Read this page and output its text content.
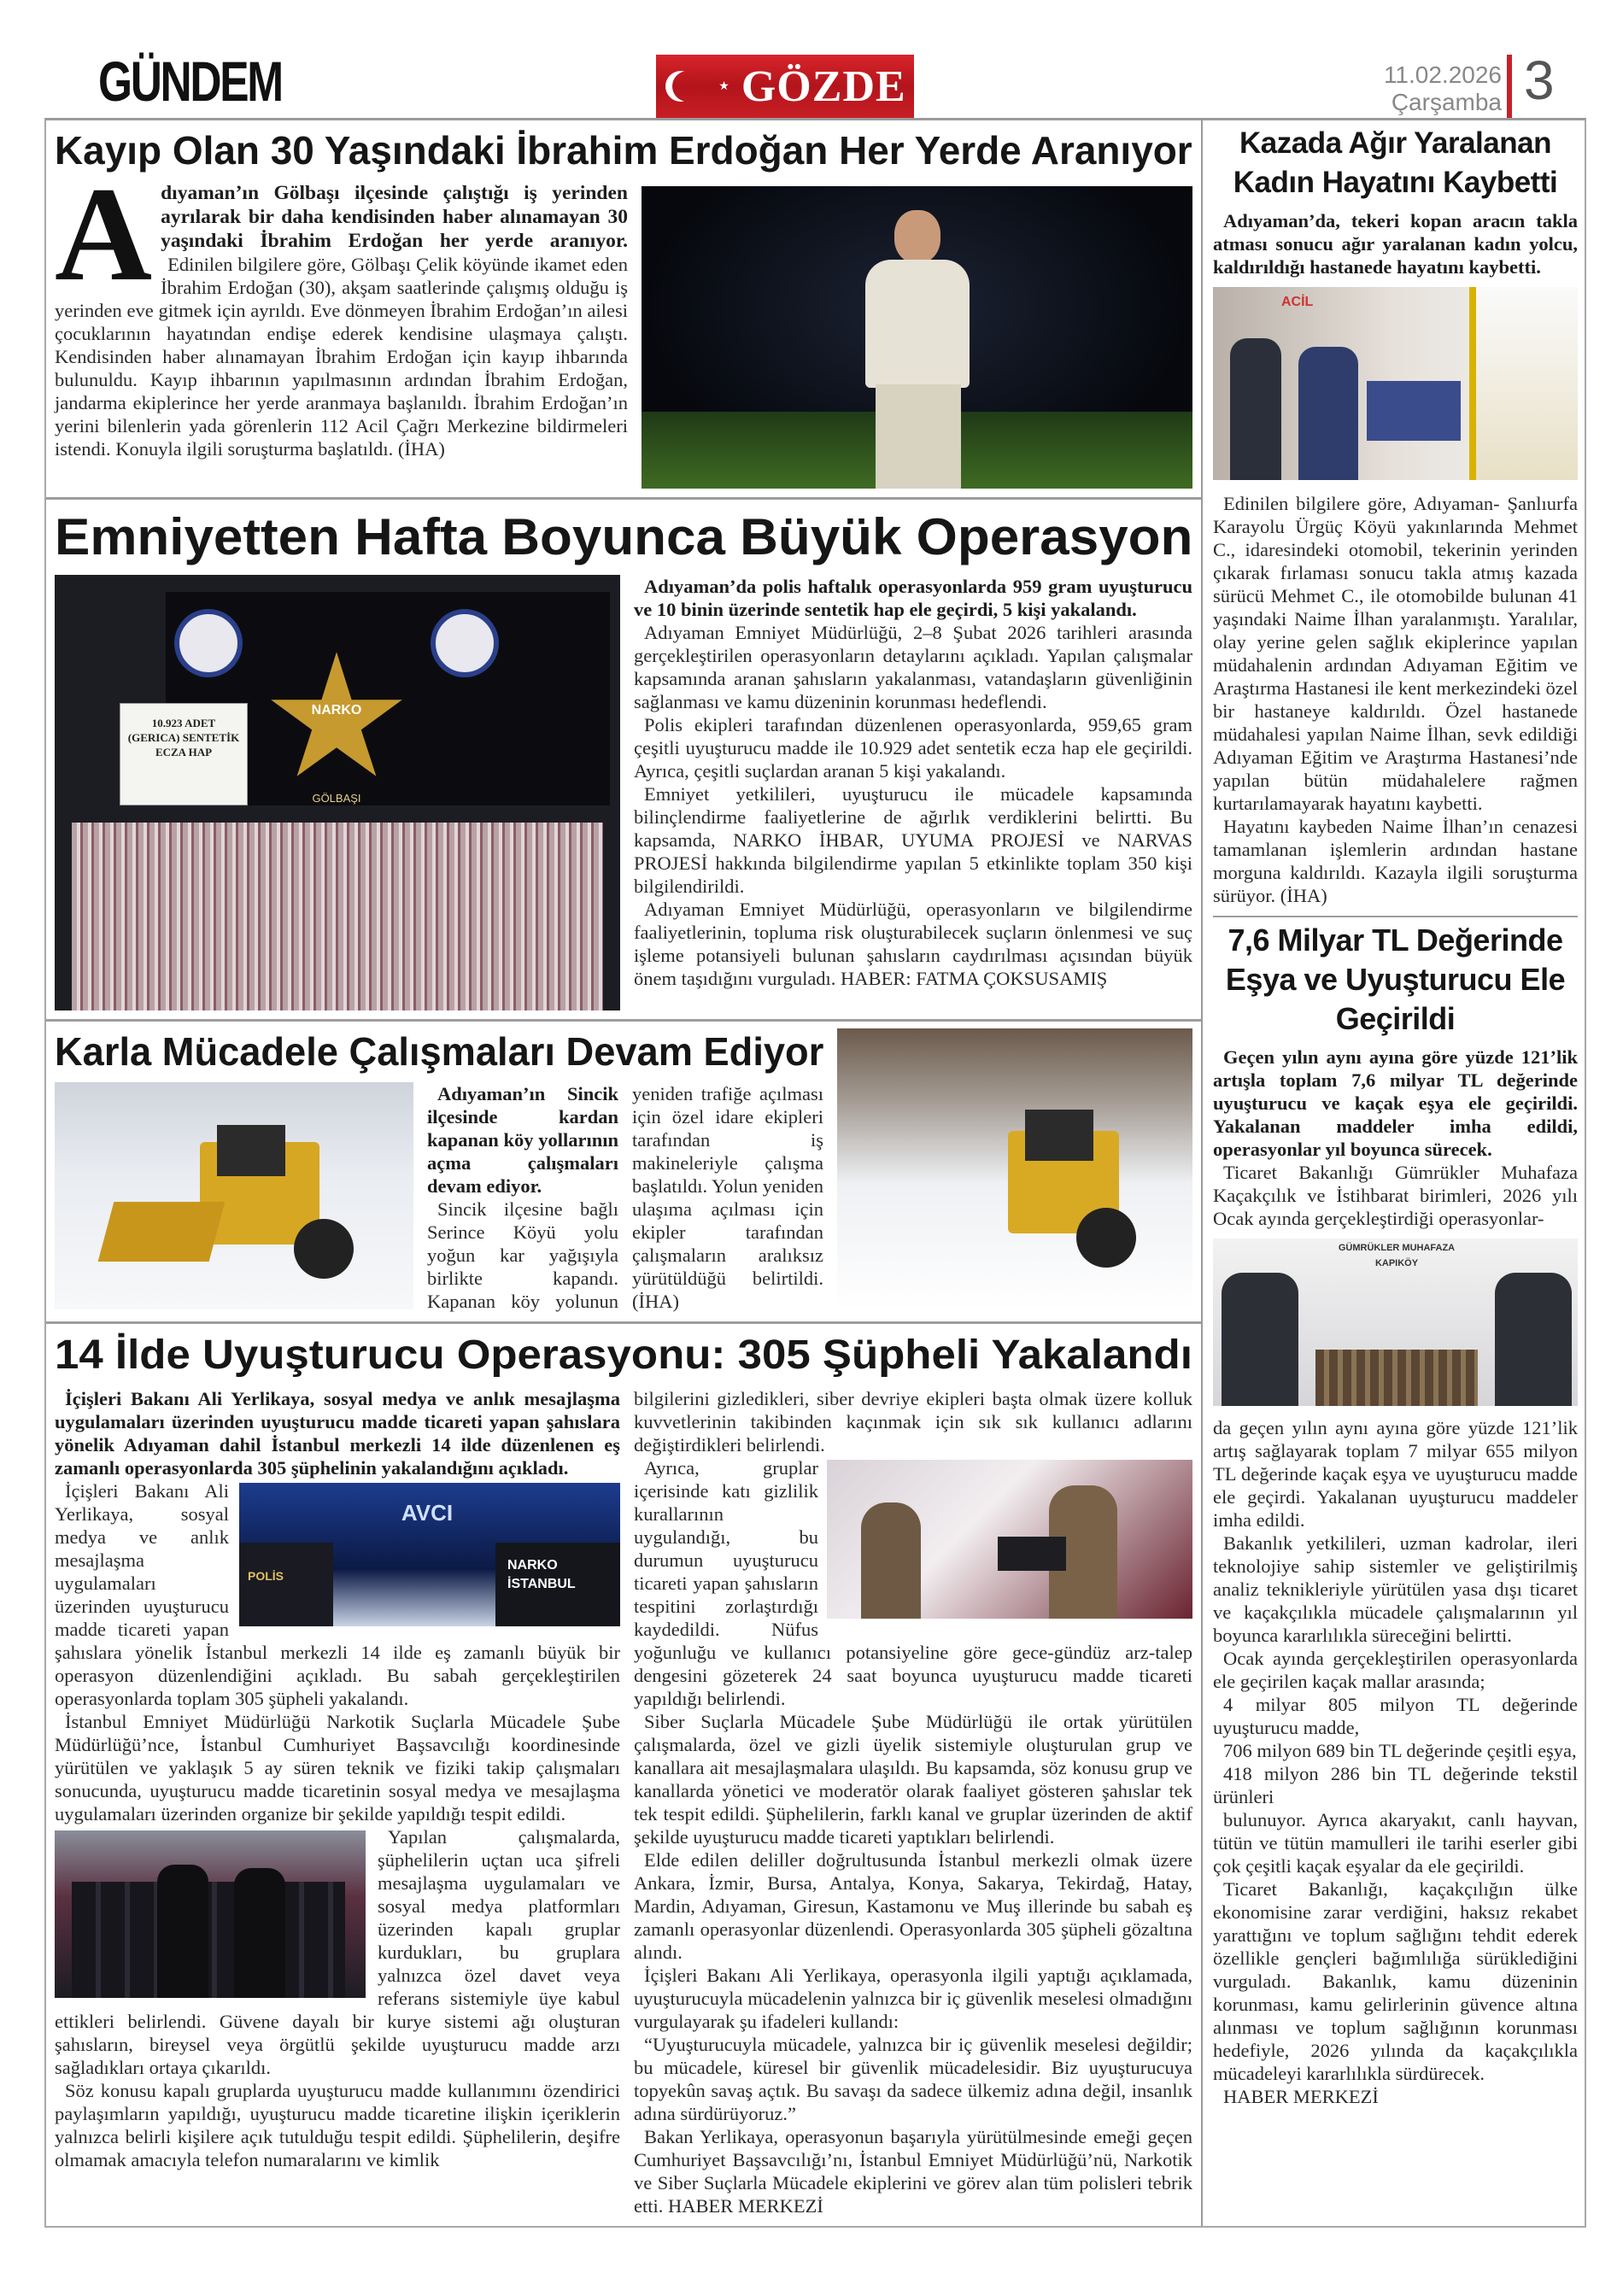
GÜNDEM	★ GÖZDE	11.02.2026
Çarşamba 3
Kayıp Olan 30 Yaşındaki İbrahim Erdoğan Her Yerde Aranıyor
A dıyaman’ın Gölbaşı ilçesinde çalıştığı iş yerinden ayrılarak bir daha kendisinden haber alınamayan 30 yaşındaki İbrahim Erdoğan her yerde aranıyor. Edinilen bilgilere göre, Gölbaşı Çelik köyünde ikamet eden İbrahim Erdoğan (30), akşam saatlerinde çalışmış olduğu iş yerinden eve gitmek için ayrıldı. Eve dönmeyen İbrahim Erdoğan’ın ailesi çocuklarının hayatından endişe ederek kendisine ulaşmaya çalıştı. Kendisinden haber alınamayan İbrahim Erdoğan için kayıp ihbarında bulunuldu. Kayıp ihbarının yapılmasının ardından İbrahim Erdoğan, jandarma ekiplerince her yerde aranmaya başlanıldı. İbrahim Erdoğan’ın yerini bilenlerin yada görenlerin 112 Acil Çağrı Merkezine bildirmeleri istendi. Konuyla ilgili soruşturma başlatıldı. (İHA)
Emniyetten Hafta Boyunca Büyük Operasyon
NARKO
GÖLBAŞI
10.923 ADET (GERICA) SENTETİK ECZA HAP

Adıyaman’da polis haftalık operasyonlarda 959 gram uyuşturucu ve 10 binin üzerinde sentetik hap ele geçirdi, 5 kişi yakalandı.

Adıyaman Emniyet Müdürlüğü, 2–8 Şubat 2026 tarihleri arasında gerçekleştirilen operasyonların detaylarını açıkladı. Yapılan çalışmalar kapsamında aranan şahısların yakalanması, vatandaşların güvenliğinin sağlanması ve kamu düzeninin korunması hedeflendi.

Polis ekipleri tarafından düzenlenen operasyonlarda, 959,65 gram çeşitli uyuşturucu madde ile 10.929 adet sentetik ecza hap ele geçirildi. Ayrıca, çeşitli suçlardan aranan 5 kişi yakalandı.

Emniyet yetkilileri, uyuşturucu ile mücadele kapsamında bilinçlendirme faaliyetlerine de ağırlık verdiklerini belirtti. Bu kapsamda, NARKO İHBAR, UYUMA PROJESİ ve NARVAS PROJESİ hakkında bilgilendirme yapılan 5 etkinlikte toplam 350 kişi bilgilendirildi.

Adıyaman Emniyet Müdürlüğü, operasyonların ve bilgilendirme faaliyetlerinin, topluma risk oluşturabilecek suçların önlenmesi ve suç işleme potansiyeli bulunan şahısların caydırılması açısından büyük önem taşıdığını vurguladı. HABER: FATMA ÇOKSUSAMIŞ

Karla Mücadele Çalışmaları Devam Ediyor

Adıyaman’ın Sincik ilçesinde kardan kapanan köy yollarının açma çalışmaları devam ediyor.

Sincik ilçesine bağlı Serince Köyü yolu yoğun kar yağışıyla birlikte kapandı. Kapanan köy yolunun yeniden trafiğe açılması için özel idare ekipleri tarafından iş makineleriyle çalışma başlatıldı. Yolun yeniden ulaşıma açılması için ekipler tarafından çalışmaların aralıksız yürütüldüğü belirtildi. (İHA)

14 İlde Uyuşturucu Operasyonu: 305 Şüpheli Yakalandı

İçişleri Bakanı Ali Yerlikaya, sosyal medya ve anlık mesajlaşma uygulamaları üzerinden uyuşturucu madde ticareti yapan şahıslara yönelik Adıyaman dahil İstanbul merkezli 14 ilde düzenlenen eş zamanlı operasyonlarda 305 şüphelinin yakalandığını açıkladı.

AVCI
POLİS
NARKO
İSTANBUL

İçişleri Bakanı Ali Yerlikaya, sosyal medya ve anlık mesajlaşma uygulamaları üzerinden uyuşturucu madde ticareti yapan şahıslara yönelik İstanbul merkezli 14 ilde eş zamanlı büyük bir operasyon düzenlendiğini açıkladı. Bu sabah gerçekleştirilen operasyonlarda toplam 305 şüpheli yakalandı.

İstanbul Emniyet Müdürlüğü Narkotik Suçlarla Mücadele Şube Müdürlüğü’nce, İstanbul Cumhuriyet Başsavcılığı koordinesinde yürütülen ve yaklaşık 5 ay süren teknik ve fiziki takip çalışmaları sonucunda, uyuşturucu madde ticaretinin sosyal medya ve mesajlaşma uygulamaları üzerinden organize bir şekilde yapıldığı tespit edildi.

Yapılan çalışmalarda, şüphelilerin uçtan uca şifreli mesajlaşma uygulamaları ve sosyal medya platformları üzerinden kapalı gruplar kurdukları, bu gruplara yalnızca özel davet veya referans sistemiyle üye kabul ettikleri belirlendi. Güvene dayalı bir kurye sistemi ağı oluşturan şahısların, bireysel veya örgütlü şekilde uyuşturucu madde arzı sağladıkları ortaya çıkarıldı.

Söz konusu kapalı gruplarda uyuşturucu madde kullanımını özendirici paylaşımların yapıldığı, uyuşturucu madde ticaretine ilişkin içeriklerin yalnızca belirli kişilere açık tutulduğu tespit edildi. Şüphelilerin, deşifre olmamak amacıyla telefon numaralarını ve kimlik

bilgilerini gizledikleri, siber devriye ekipleri başta olmak üzere kolluk kuvvetlerinin takibinden kaçınmak için sık sık kullanıcı adlarını değiştirdikleri belirlendi.

Ayrıca, gruplar içerisinde katı gizlilik kurallarının uygulandığı, bu durumun uyuşturucu ticareti yapan şahısların tespitini zorlaştırdığı kaydedildi. Nüfus yoğunluğu ve kullanıcı potansiyeline göre gece-gündüz arz-talep dengesini gözeterek 24 saat boyunca uyuşturucu madde ticareti yapıldığı belirlendi.

Siber Suçlarla Mücadele Şube Müdürlüğü ile ortak yürütülen çalışmalarda, özel ve gizli üyelik sistemiyle oluşturulan grup ve kanallara ait mesajlaşmalara ulaşıldı. Bu kapsamda, söz konusu grup ve kanallarda yönetici ve moderatör olarak faaliyet gösteren şahıslar tek tek tespit edildi. Şüphelilerin, farklı kanal ve gruplar üzerinden de aktif şekilde uyuşturucu madde ticareti yaptıkları belirlendi.

Elde edilen deliller doğrultusunda İstanbul merkezli olmak üzere Ankara, İzmir, Bursa, Antalya, Konya, Sakarya, Tekirdağ, Hatay, Mardin, Adıyaman, Giresun, Kastamonu ve Muş illerinde bu sabah eş zamanlı operasyonlar düzenlendi. Operasyonlarda 305 şüpheli gözaltına alındı.

İçişleri Bakanı Ali Yerlikaya, operasyonla ilgili yaptığı açıklamada, uyuşturucuyla mücadelenin yalnızca bir iç güvenlik meselesi olmadığını vurgulayarak şu ifadeleri kullandı:

“Uyuşturucuyla mücadele, yalnızca bir iç güvenlik meselesi değildir; bu mücadele, küresel bir güvenlik mücadelesidir. Biz uyuşturucuya topyekûn savaş açtık. Bu savaşı da sadece ülkemiz adına değil, insanlık adına sürdürüyoruz.”

Bakan Yerlikaya, operasyonun başarıyla yürütülmesinde emeği geçen Cumhuriyet Başsavcılığı’nı, İstanbul Emniyet Müdürlüğü’nü, Narkotik ve Siber Suçlarla Mücadele ekiplerini ve görev alan tüm polisleri tebrik etti. HABER MERKEZİ

Kazada Ağır Yaralanan Kadın Hayatını Kaybetti

Adıyaman’da, tekeri kopan aracın takla atması sonucu ağır yaralanan kadın yolcu, kaldırıldığı hastanede hayatını kaybetti.

ACİL

Edinilen bilgilere göre, Adıyaman- Şanlıurfa Karayolu Ürgüç Köyü yakınlarında Mehmet C., idaresindeki otomobil, tekerinin yerinden çıkarak fırlaması sonucu takla atmış kazada sürücü Mehmet C., ile otomobilde bulunan 41 yaşındaki Naime İlhan yaralanmıştı. Yaralılar, olay yerine gelen sağlık ekiplerince yapılan müdahalenin ardından Adıyaman Eğitim ve Araştırma Hastanesi ile kent merkezindeki özel bir hastaneye kaldırıldı. Özel hastanede müdahalesi yapılan Naime İlhan, sevk edildiği Adıyaman Eğitim ve Araştırma Hastanesi’nde yapılan bütün müdahalelere rağmen kurtarılamayarak hayatını kaybetti.

Hayatını kaybeden Naime İlhan’ın cenazesi tamamlanan işlemlerin ardından hastane morguna kaldırıldı. Kazayla ilgili soruşturma sürüyor. (İHA)

7,6 Milyar TL Değerinde Eşya ve Uyuşturucu Ele Geçirildi

Geçen yılın aynı ayına göre yüzde 121’lik artışla toplam 7,6 milyar TL değerinde uyuşturucu ve kaçak eşya ele geçirildi. Yakalanan maddeler imha edildi, operasyonlar yıl boyunca sürecek.

Ticaret Bakanlığı Gümrükler Muhafaza Kaçakçılık ve İstihbarat birimleri, 2026 yılı Ocak ayında gerçekleştirdiği operasyonlar-

GÜMRÜKLER MUHAFAZA
KAPIKÖY

da geçen yılın aynı ayına göre yüzde 121’lik artış sağlayarak toplam 7 milyar 655 milyon TL değerinde kaçak eşya ve uyuşturucu madde ele geçirdi. Yakalanan uyuşturucu maddeler imha edildi.

Bakanlık yetkilileri, uzman kadrolar, ileri teknolojiye sahip sistemler ve geliştirilmiş analiz teknikleriyle yürütülen yasa dışı ticaret ve kaçakçılıkla mücadele çalışmalarının yıl boyunca kararlılıkla süreceğini belirtti.

Ocak ayında gerçekleştirilen operasyonlarda ele geçirilen kaçak mallar arasında;

4 milyar 805 milyon TL değerinde uyuşturucu madde,

706 milyon 689 bin TL değerinde çeşitli eşya,

418 milyon 286 bin TL değerinde tekstil ürünleri

bulunuyor. Ayrıca akaryakıt, canlı hayvan, tütün ve tütün mamulleri ile tarihi eserler gibi çok çeşitli kaçak eşyalar da ele geçirildi.

Ticaret Bakanlığı, kaçakçılığın ülke ekonomisine zarar verdiğini, haksız rekabet yarattığını ve toplum sağlığını tehdit ederek özellikle gençleri bağımlılığa sürüklediğini vurguladı. Bakanlık, kamu düzeninin korunması, kamu gelirlerinin güvence altına alınması ve toplum sağlığının korunması hedefiyle, 2026 yılında da kaçakçılıkla mücadeleyi kararlılıkla sürdürecek.

HABER MERKEZİ
